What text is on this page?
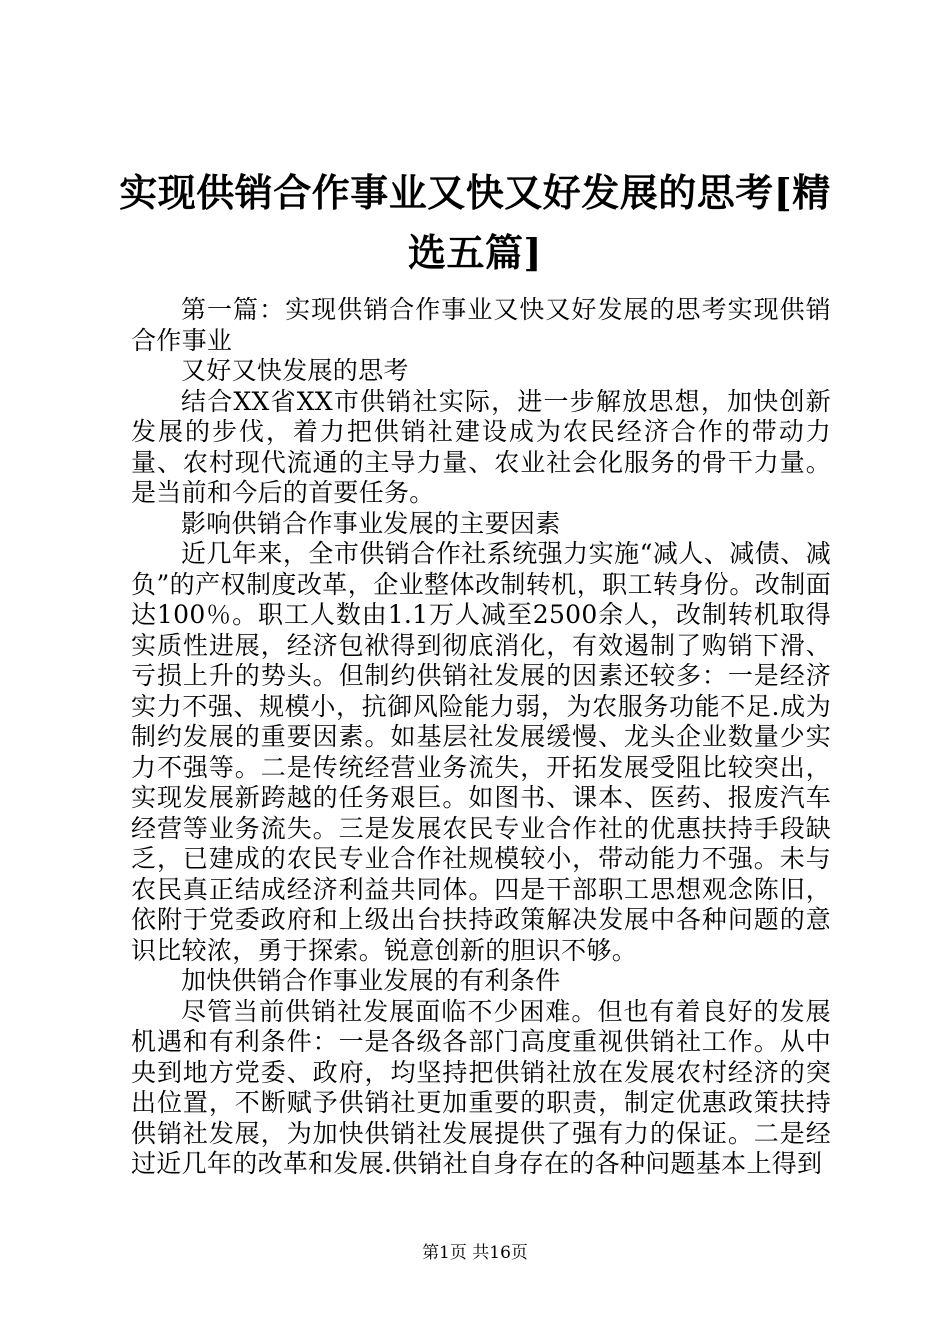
实现供销合作事业又快又好发展的思考[精选五篇]

第一篇：实现供销合作事业又快又好发展的思考实现供销合作事业

又好又快发展的思考

结合XX省XX市供销社实际，进一步解放思想，加快创新发展的步伐，着力把供销社建设成为农民经济合作的带动力量、农村现代流通的主导力量、农业社会化服务的骨干力量。是当前和今后的首要任务。

影响供销合作事业发展的主要因素

近几年来，全市供销合作社系统强力实施“减人、减债、减负”的产权制度改革，企业整体改制转机，职工转身份。改制面达100％。职工人数由1.1万人减至2500余人，改制转机取得实质性进展，经济包袱得到彻底消化，有效遏制了购销下滑、亏损上升的势头。但制约供销社发展的因素还较多：一是经济实力不强、规模小，抗御风险能力弱，为农服务功能不足.成为制约发展的重要因素。如基层社发展缓慢、龙头企业数量少实力不强等。二是传统经营业务流失，开拓发展受阻比较突出，实现发展新跨越的任务艰巨。如图书、课本、医药、报废汽车经营等业务流失。三是发展农民专业合作社的优惠扶持手段缺乏，已建成的农民专业合作社规模较小，带动能力不强。未与农民真正结成经济利益共同体。四是干部职工思想观念陈旧，依附于党委政府和上级出台扶持政策解决发展中各种问题的意识比较浓，勇于探索。锐意创新的胆识不够。

加快供销合作事业发展的有利条件

尽管当前供销社发展面临不少困难。但也有着良好的发展机遇和有利条件：一是各级各部门高度重视供销社工作。从中央到地方党委、政府，均坚持把供销社放在发展农村经济的突出位置，不断赋予供销社更加重要的职责，制定优惠政策扶持供销社发展，为加快供销社发展提供了强有力的保证。二是经过近几年的改革和发展.供销社自身存在的各种问题基本上得到

第1页 共16页
